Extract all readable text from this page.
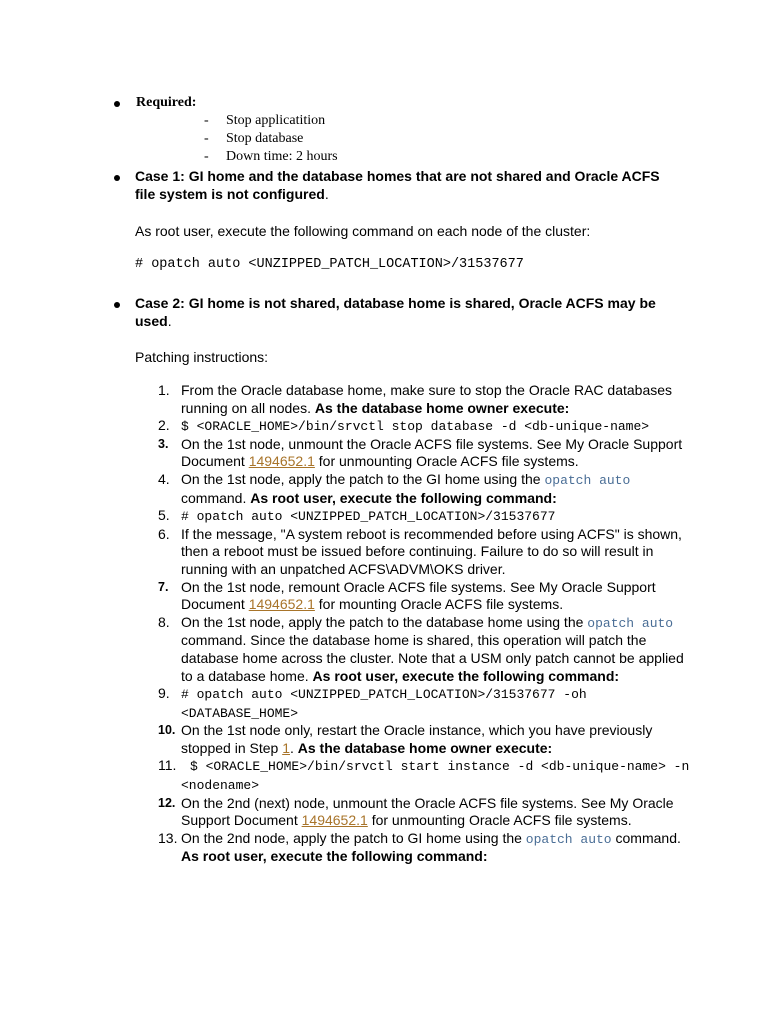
Required:
- Stop applicatition
- Stop database
- Down time: 2 hours
Case 1: GI home and the database homes that are not shared and Oracle ACFS file system is not configured.
As root user, execute the following command on each node of the cluster:
# opatch auto <UNZIPPED_PATCH_LOCATION>/31537677
Case 2: GI home is not shared, database home is shared, Oracle ACFS may be used.
Patching instructions:
1. From the Oracle database home, make sure to stop the Oracle RAC databases running on all nodes. As the database home owner execute:
2. $ <ORACLE_HOME>/bin/srvctl stop database -d <db-unique-name>
3. On the 1st node, unmount the Oracle ACFS file systems. See My Oracle Support Document 1494652.1 for unmounting Oracle ACFS file systems.
4. On the 1st node, apply the patch to the GI home using the opatch auto command. As root user, execute the following command:
5. # opatch auto <UNZIPPED_PATCH_LOCATION>/31537677
6. If the message, "A system reboot is recommended before using ACFS" is shown, then a reboot must be issued before continuing. Failure to do so will result in running with an unpatched ACFS\ADVM\OKS driver.
7. On the 1st node, remount Oracle ACFS file systems. See My Oracle Support Document 1494652.1 for mounting Oracle ACFS file systems.
8. On the 1st node, apply the patch to the database home using the opatch auto command. Since the database home is shared, this operation will patch the database home across the cluster. Note that a USM only patch cannot be applied to a database home. As root user, execute the following command:
9. # opatch auto <UNZIPPED_PATCH_LOCATION>/31537677 -oh <DATABASE_HOME>
10. On the 1st node only, restart the Oracle instance, which you have previously stopped in Step 1. As the database home owner execute:
11. $ <ORACLE_HOME>/bin/srvctl start instance -d <db-unique-name> -n <nodename>
12. On the 2nd (next) node, unmount the Oracle ACFS file systems. See My Oracle Support Document 1494652.1 for unmounting Oracle ACFS file systems.
13. On the 2nd node, apply the patch to GI home using the opatch auto command. As root user, execute the following command:
